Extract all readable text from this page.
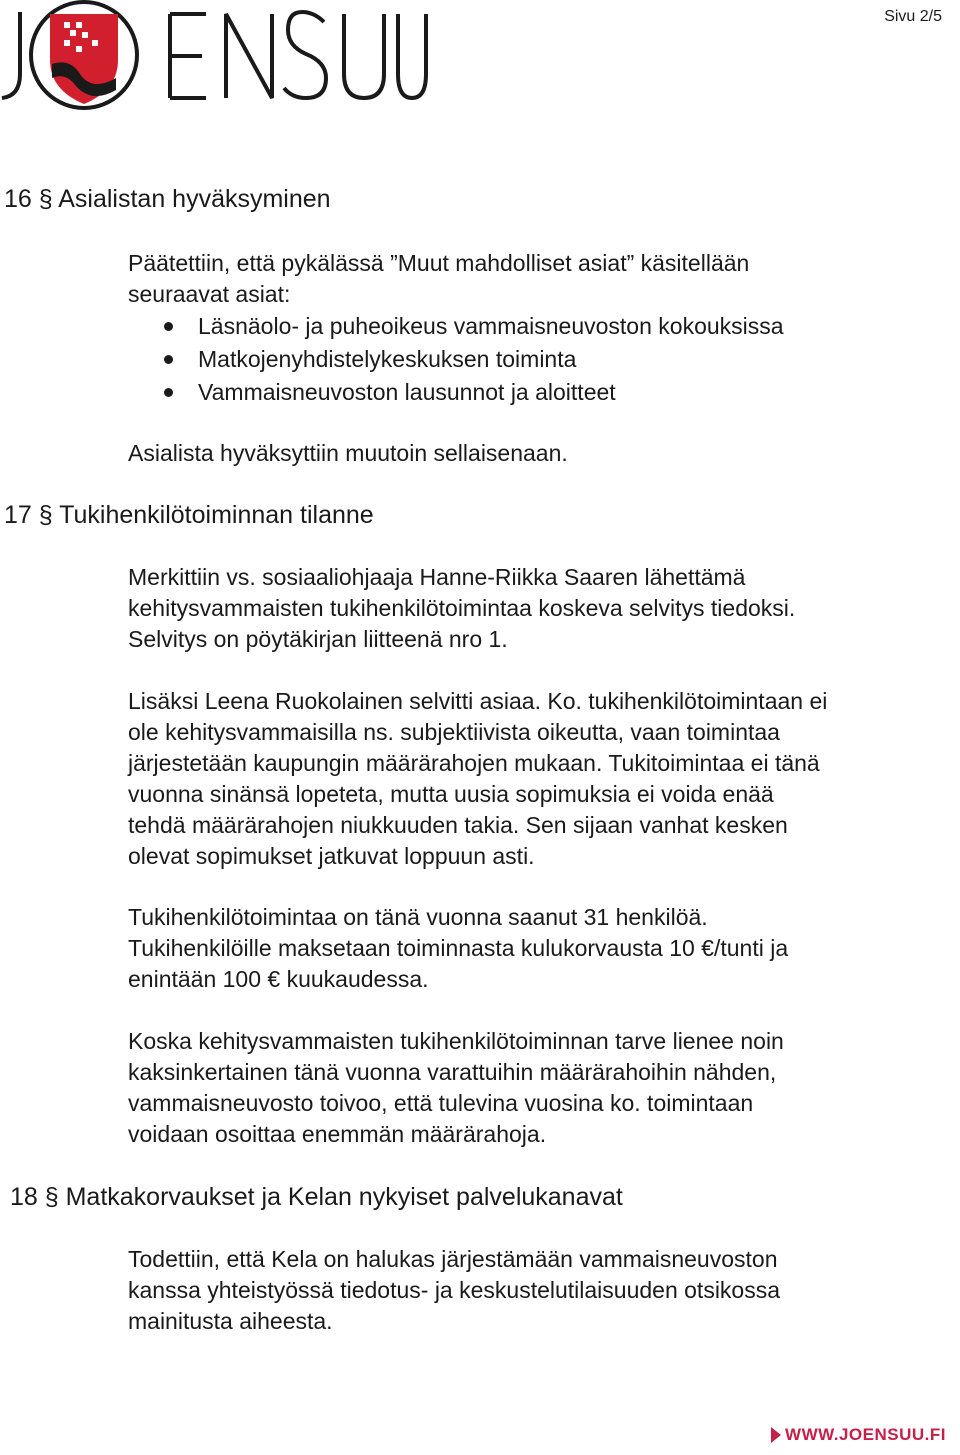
Sivu 2/5
16 § Asialistan hyväksyminen
Päätettiin, että pykälässä ”Muut mahdolliset asiat” käsitellään
seuraavat asiat:
Läsnäolo- ja puheoikeus vammaisneuvoston kokouksissa
Matkojenyhdistelykeskuksen toiminta
Vammaisneuvoston lausunnot ja aloitteet
Asialista hyväksyttiin muutoin sellaisenaan.
17 § Tukihenkilötoiminnan tilanne
Merkittiin vs. sosiaaliohjaaja Hanne-Riikka Saaren lähettämä
kehitysvammaisten tukihenkilötoimintaa koskeva selvitys tiedoksi.
Selvitys on pöytäkirjan liitteenä nro 1.
Lisäksi Leena Ruokolainen selvitti asiaa. Ko. tukihenkilötoimintaan ei
ole kehitysvammaisilla ns. subjektiivista oikeutta, vaan toimintaa
järjestetään kaupungin määrärahojen mukaan. Tukitoimintaa ei tänä
vuonna sinänsä lopeteta, mutta uusia sopimuksia ei voida enää
tehdä määrärahojen niukkuuden takia. Sen sijaan vanhat kesken
olevat sopimukset jatkuvat loppuun asti.
Tukihenkilötoimintaa on tänä vuonna saanut 31 henkilöä.
Tukihenkilöille maksetaan toiminnasta kulukorvausta 10 €/tunti ja
enintään 100 € kuukaudessa.
Koska kehitysvammaisten tukihenkilötoiminnan tarve lienee noin
kaksinkertainen tänä vuonna varattuihin määrärahoihin nähden,
vammaisneuvosto toivoo, että tulevina vuosina ko. toimintaan
voidaan osoittaa enemmän määrärahoja.
18 § Matkakorvaukset ja Kelan nykyiset palvelukanavat
Todettiin, että Kela on halukas järjestämään vammaisneuvoston
kanssa yhteistyössä tiedotus- ja keskustelutilaisuuden otsikossa
mainitusta aiheesta.
WWW.JOENSUU.FI
